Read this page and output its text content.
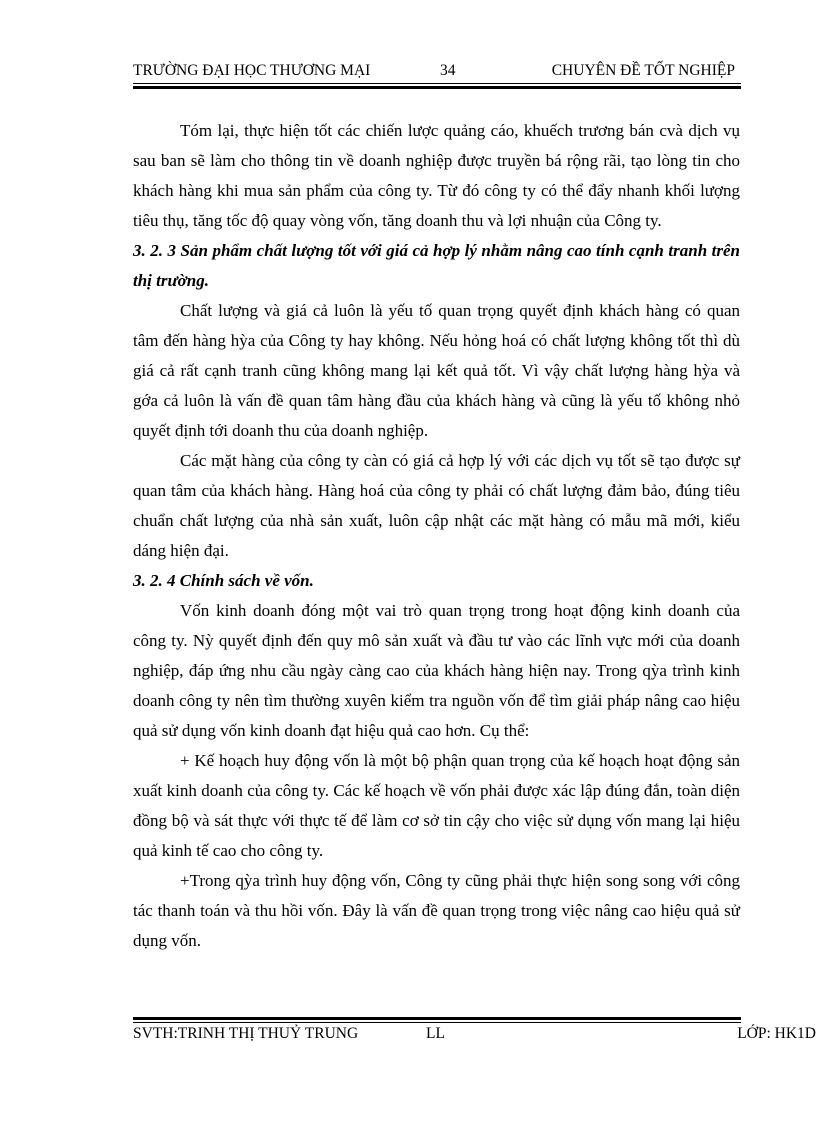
TRƯỜNG ĐẠI HỌC THƯƠNG MẠI	34	CHUYÊN ĐỀ TỐT NGHIỆP

Tóm lại, thực hiện tốt các chiến lược quảng cáo, khuếch trương bán cvà dịch vụ sau ban sẽ làm cho thông tin về doanh nghiệp được truyền bá rộng rãi, tạo lòng tin cho khách hàng khi mua sản phẩm của công ty. Từ đó công ty có thể đẩy nhanh khối lượng tiêu thụ, tăng tốc độ quay vòng vốn, tăng doanh thu và lợi nhuận của Công ty.

3. 2. 3 Sản phẩm chất lượng tốt với giá cả hợp lý nhằm nâng cao tính cạnh tranh trên thị trường.

Chất lượng và giá cả luôn là yếu tố quan trọng quyết định khách hàng có quan tâm đến hàng hỳa của Công ty hay không. Nếu hỏng hoá có chất lượng không tốt thì dù giá cả rất cạnh tranh cũng không mang lại kết quả tốt. Vì vậy chất lượng hàng hỳa và gớa cả luôn là vấn đề quan tâm hàng đầu của khách hàng và cũng là yếu tố không nhỏ quyết định tới doanh thu của doanh nghiệp.

Các mặt hàng của công ty càn có giá cả hợp lý với các dịch vụ tốt sẽ tạo được sự quan tâm của khách hàng. Hàng hoá của công ty phải có chất lượng đảm bảo, đúng tiêu chuẩn chất lượng của nhà sản xuất, luôn cập nhật các mặt hàng có mẫu mã mới, kiểu dáng hiện đại.

3. 2. 4 Chính sách về vốn.

Vốn kinh doanh đóng một vai trò quan trọng trong hoạt động kinh doanh của công ty. Nỳ quyết định đến quy mô sản xuất và đầu tư vào các lĩnh vực mới của doanh nghiệp, đáp ứng nhu cầu ngày càng cao của khách hàng hiện nay. Trong qỳa trình kinh doanh công ty nên tìm thường xuyên kiểm tra nguồn vốn để tìm giải pháp nâng cao hiệu quả sử dụng vốn kinh doanh đạt hiệu quả cao hơn. Cụ thể:

+ Kế hoạch huy động vốn là một bộ phận quan trọng của kế hoạch hoạt động sản xuất kinh doanh của công ty. Các kế hoạch về vốn phải được xác lập đúng đắn, toàn diện đồng bộ và sát thực với thực tế để làm cơ sở tin cậy cho việc sử dụng vốn mang lại hiệu quả kinh tế cao cho công ty.

+Trong qỳa trình huy động vốn, Công ty cũng phải thực hiện song song với công tác thanh toán và thu hồi vốn. Đây là vấn đề quan trọng trong việc nâng cao hiệu quả sử dụng vốn.

SVTH:TRINH THỊ THUỶ TRUNG	LL	LỚP: HK1D
